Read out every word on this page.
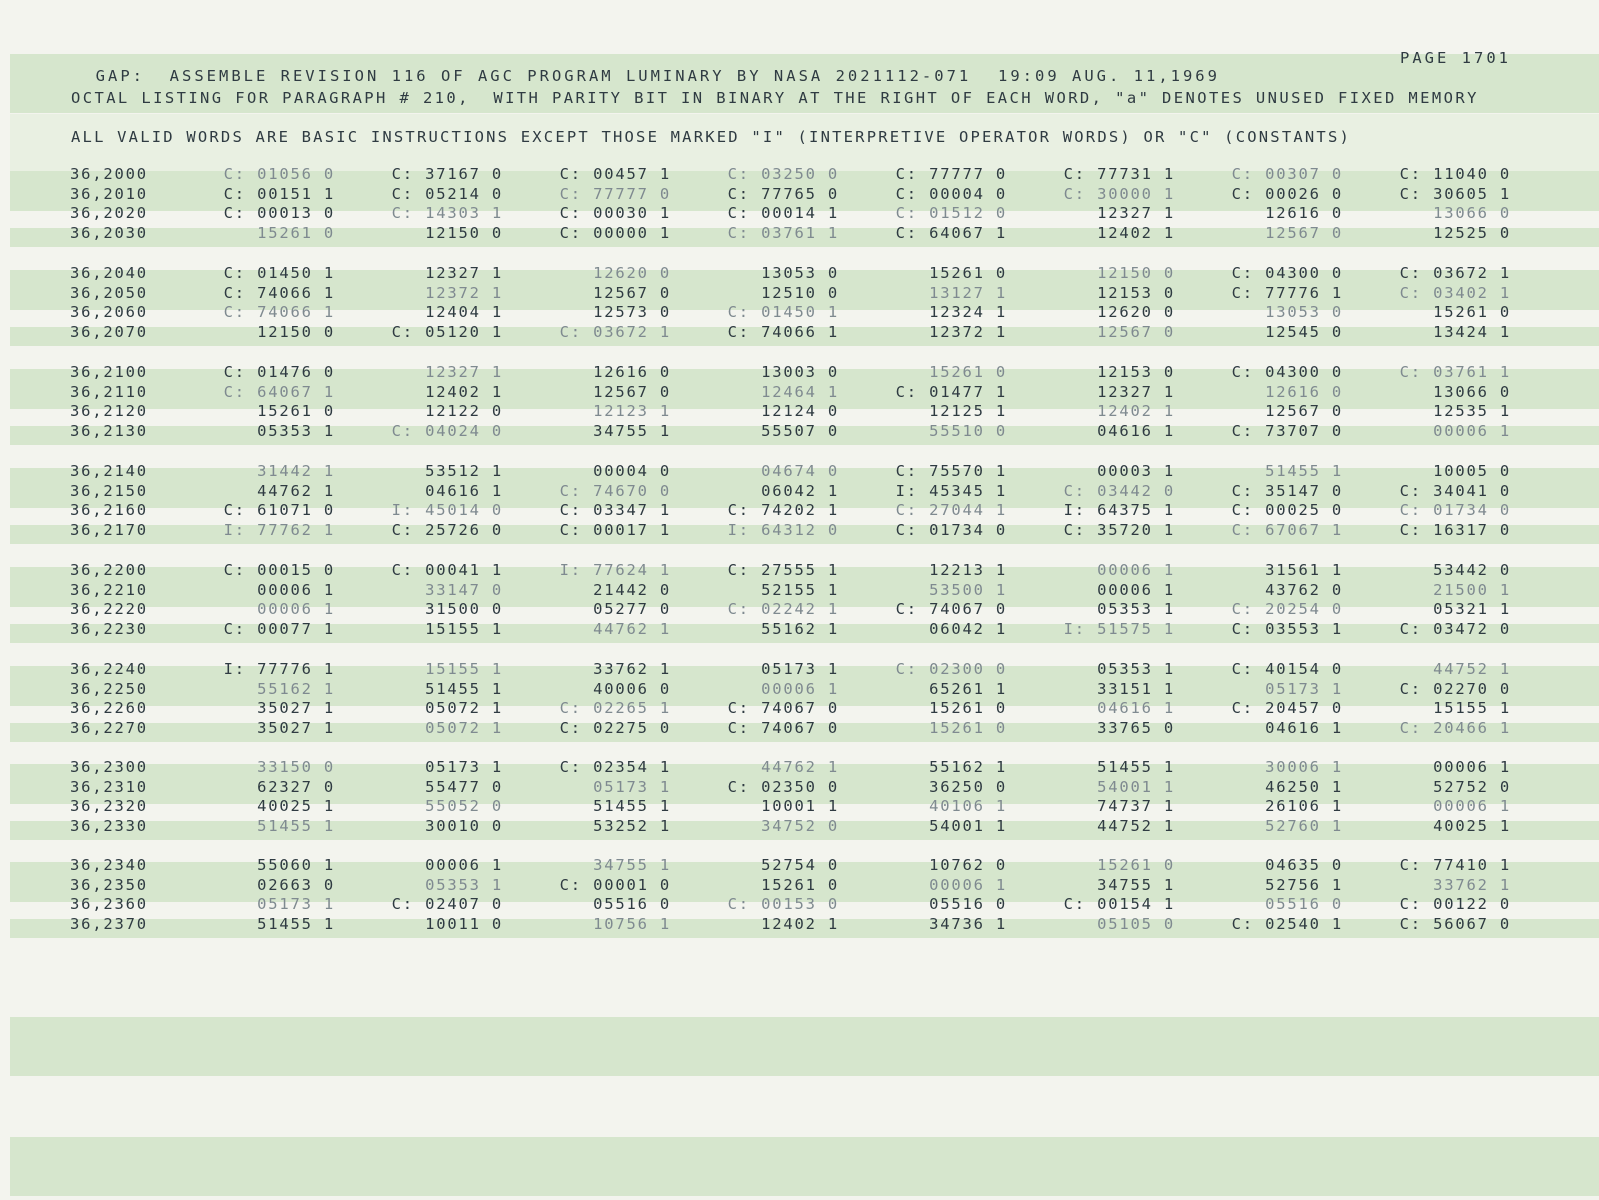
GAP:  ASSEMBLE REVISION 116 OF AGC PROGRAM LUMINARY BY NASA 2021112-071 19:09 AUG. 11,1969
PAGE 1701

OCTAL LISTING FOR PARAGRAPH # 210,  WITH PARITY BIT IN BINARY AT THE RIGHT OF EACH WORD, "a" DENOTES UNUSED FIXED MEMORY
ALL VALID WORDS ARE BASIC INSTRUCTIONS EXCEPT THOSE MARKED "I" (INTERPRETIVE OPERATOR WORDS) OR "C" (CONSTANTS)
36,2000	C: 01056 0	C: 37167 0	C: 00457 1	C: 03250 0	C: 77777 0	C: 77731 1	C: 00307 0	C: 11040 0
36,2010	C: 00151 1	C: 05214 0	C: 77777 0	C: 77765 0	C: 00004 0	C: 30000 1	C: 00026 0	C: 30605 1
36,2020	C: 00013 0	C: 14303 1	C: 00030 1	C: 00014 1	C: 01512 0	12327 1	12616 0	13066 0
36,2030	15261 0	12150 0	C: 00000 1	C: 03761 1	C: 64067 1	12402 1	12567 0	12525 0
36,2040	C: 01450 1	12327 1	12620 0	13053 0	15261 0	12150 0	C: 04300 0	C: 03672 1
36,2050	C: 74066 1	12372 1	12567 0	12510 0	13127 1	12153 0	C: 77776 1	C: 03402 1
36,2060	C: 74066 1	12404 1	12573 0	C: 01450 1	12324 1	12620 0	13053 0	15261 0
36,2070	12150 0	C: 05120 1	C: 03672 1	C: 74066 1	12372 1	12567 0	12545 0	13424 1
36,2100	C: 01476 0	12327 1	12616 0	13003 0	15261 0	12153 0	C: 04300 0	C: 03761 1
36,2110	C: 64067 1	12402 1	12567 0	12464 1	C: 01477 1	12327 1	12616 0	13066 0
36,2120	15261 0	12122 0	12123 1	12124 0	12125 1	12402 1	12567 0	12535 1
36,2130	05353 1	C: 04024 0	34755 1	55507 0	55510 0	04616 1	C: 73707 0	00006 1
36,2140	31442 1	53512 1	00004 0	04674 0	C: 75570 1	00003 1	51455 1	10005 0
36,2150	44762 1	04616 1	C: 74670 0	06042 1	I: 45345 1	C: 03442 0	C: 35147 0	C: 34041 0
36,2160	C: 61071 0	I: 45014 0	C: 03347 1	C: 74202 1	C: 27044 1	I: 64375 1	C: 00025 0	C: 01734 0
36,2170	I: 77762 1	C: 25726 0	C: 00017 1	I: 64312 0	C: 01734 0	C: 35720 1	C: 67067 1	C: 16317 0
36,2200	C: 00015 0	C: 00041 1	I: 77624 1	C: 27555 1	12213 1	00006 1	31561 1	53442 0
36,2210	00006 1	33147 0	21442 0	52155 1	53500 1	00006 1	43762 0	21500 1
36,2220	00006 1	31500 0	05277 0	C: 02242 1	C: 74067 0	05353 1	C: 20254 0	05321 1
36,2230	C: 00077 1	15155 1	44762 1	55162 1	06042 1	I: 51575 1	C: 03553 1	C: 03472 0
36,2240	I: 77776 1	15155 1	33762 1	05173 1	C: 02300 0	05353 1	C: 40154 0	44752 1
36,2250	55162 1	51455 1	40006 0	00006 1	65261 1	33151 1	05173 1	C: 02270 0
36,2260	35027 1	05072 1	C: 02265 1	C: 74067 0	15261 0	04616 1	C: 20457 0	15155 1
36,2270	35027 1	05072 1	C: 02275 0	C: 74067 0	15261 0	33765 0	04616 1	C: 20466 1
36,2300	33150 0	05173 1	C: 02354 1	44762 1	55162 1	51455 1	30006 1	00006 1
36,2310	62327 0	55477 0	05173 1	C: 02350 0	36250 0	54001 1	46250 1	52752 0
36,2320	40025 1	55052 0	51455 1	10001 1	40106 1	74737 1	26106 1	00006 1
36,2330	51455 1	30010 0	53252 1	34752 0	54001 1	44752 1	52760 1	40025 1
36,2340	55060 1	00006 1	34755 1	52754 0	10762 0	15261 0	04635 0	C: 77410 1
36,2350	02663 0	05353 1	C: 00001 0	15261 0	00006 1	34755 1	52756 1	33762 1
36,2360	05173 1	C: 02407 0	05516 0	C: 00153 0	05516 0	C: 00154 1	05516 0	C: 00122 0
36,2370	51455 1	10011 0	10756 1	12402 1	34736 1	05105 0	C: 02540 1	C: 56067 0
